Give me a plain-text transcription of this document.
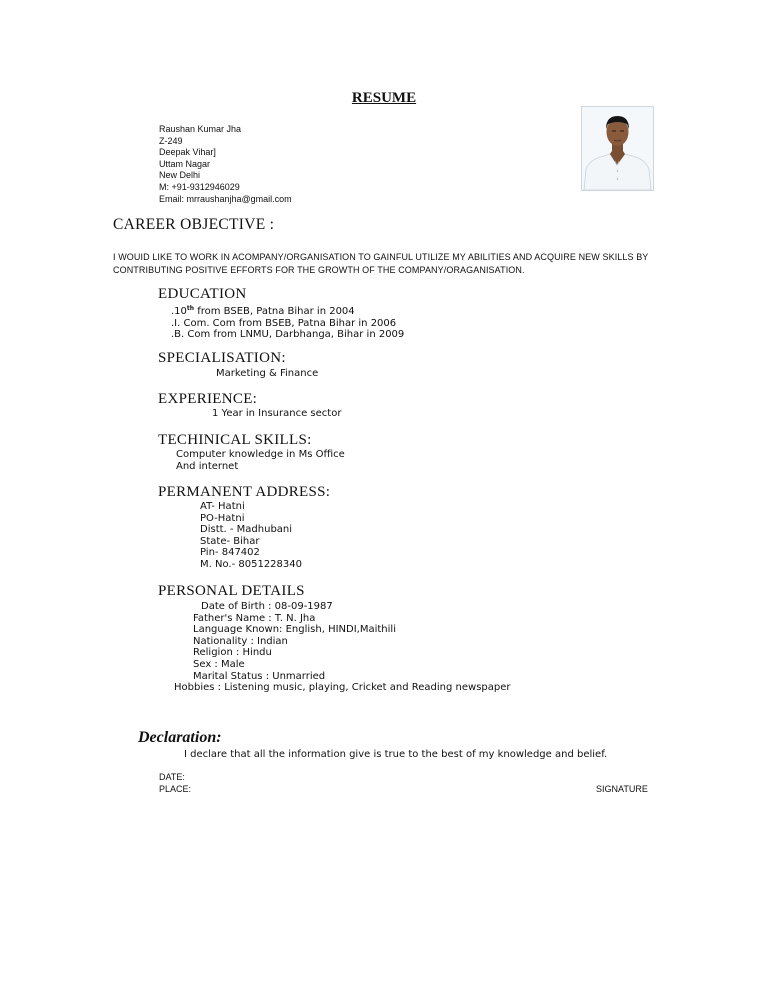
RESUME
Raushan Kumar Jha
Z-249
Deepak Vihar]
Uttam Nagar
New Delhi
M: +91-9312946029
Email: mrraushanjha@gmail.com
CAREER OBJECTIVE :
I WOUID LIKE TO WORK IN ACOMPANY/ORGANISATION TO GAINFUL UTILIZE MY ABILITIES AND ACQUIRE NEW SKILLS BY CONTRIBUTING POSITIVE EFFORTS FOR THE GROWTH OF THE COMPANY/ORAGANISATION.
EDUCATION
.10th from BSEB, Patna Bihar in 2004
.I. Com. Com from BSEB, Patna Bihar in 2006
.B. Com from LNMU, Darbhanga, Bihar in 2009
SPECIALISATION:
Marketing & Finance
EXPERIENCE:
1 Year in Insurance sector
TECHINICAL SKILLS:
Computer knowledge in Ms Office
And internet
PERMANENT ADDRESS:
AT- Hatni
PO-Hatni
Distt. - Madhubani
State- Bihar
Pin- 847402
M. No.- 8051228340
PERSONAL DETAILS
Date of Birth : 08-09-1987
Father's Name : T. N. Jha
Language Known: English, HINDI,Maithili
Nationality : Indian
Religion : Hindu
Sex : Male
Marital Status : Unmarried
Hobbies : Listening music, playing, Cricket and Reading newspaper
Declaration:
I declare that all the information give is true to the best of my knowledge and belief.
DATE:
PLACE:	SIGNATURE
